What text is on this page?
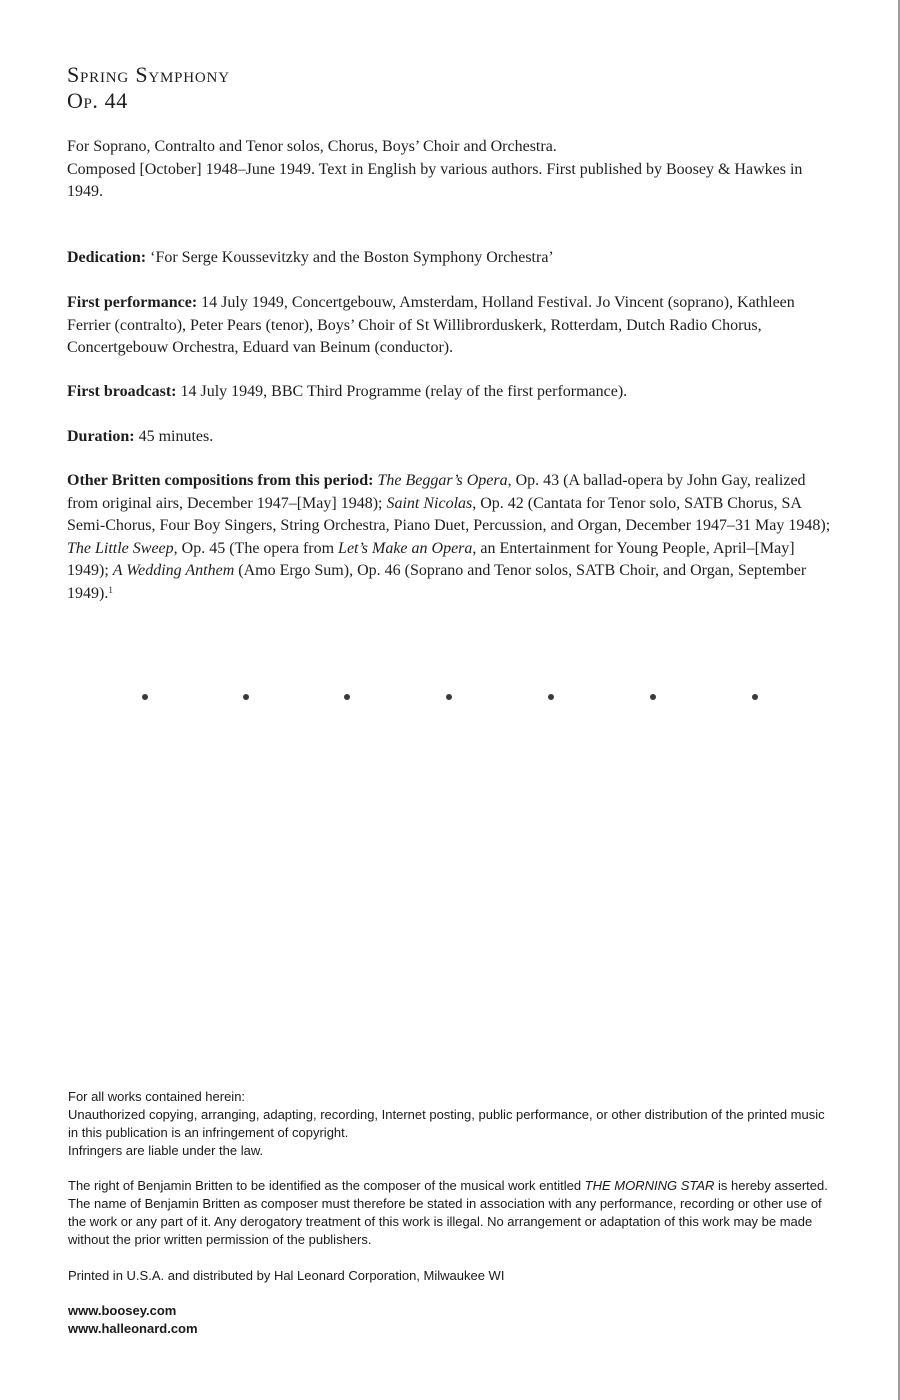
Spring Symphony
Op. 44
For Soprano, Contralto and Tenor solos, Chorus, Boys’ Choir and Orchestra.
Composed [October] 1948–June 1949. Text in English by various authors. First published by Boosey & Hawkes in 1949.
Dedication: ‘For Serge Koussevitzky and the Boston Symphony Orchestra’
First performance: 14 July 1949, Concertgebouw, Amsterdam, Holland Festival. Jo Vincent (soprano), Kathleen Ferrier (contralto), Peter Pears (tenor), Boys’ Choir of St Willibrorduskerk, Rotterdam, Dutch Radio Chorus, Concertgebouw Orchestra, Eduard van Beinum (conductor).
First broadcast: 14 July 1949, BBC Third Programme (relay of the first performance).
Duration: 45 minutes.
Other Britten compositions from this period: The Beggar’s Opera, Op. 43 (A ballad-opera by John Gay, realized from original airs, December 1947–[May] 1948); Saint Nicolas, Op. 42 (Cantata for Tenor solo, SATB Chorus, SA Semi-Chorus, Four Boy Singers, String Orchestra, Piano Duet, Percussion, and Organ, December 1947–31 May 1948); The Little Sweep, Op. 45 (The opera from Let’s Make an Opera, an Entertainment for Young People, April–[May] 1949); A Wedding Anthem (Amo Ergo Sum), Op. 46 (Soprano and Tenor solos, SATB Choir, and Organ, September 1949).$^1$
For all works contained herein:
Unauthorized copying, arranging, adapting, recording, Internet posting, public performance, or other distribution of the printed music in this publication is an infringement of copyright.
Infringers are liable under the law.
The right of Benjamin Britten to be identified as the composer of the musical work entitled THE MORNING STAR is hereby asserted. The name of Benjamin Britten as composer must therefore be stated in association with any performance, recording or other use of the work or any part of it. Any derogatory treatment of this work is illegal. No arrangement or adaptation of this work may be made without the prior written permission of the publishers.
Printed in U.S.A. and distributed by Hal Leonard Corporation, Milwaukee WI
www.boosey.com
www.halleonard.com
